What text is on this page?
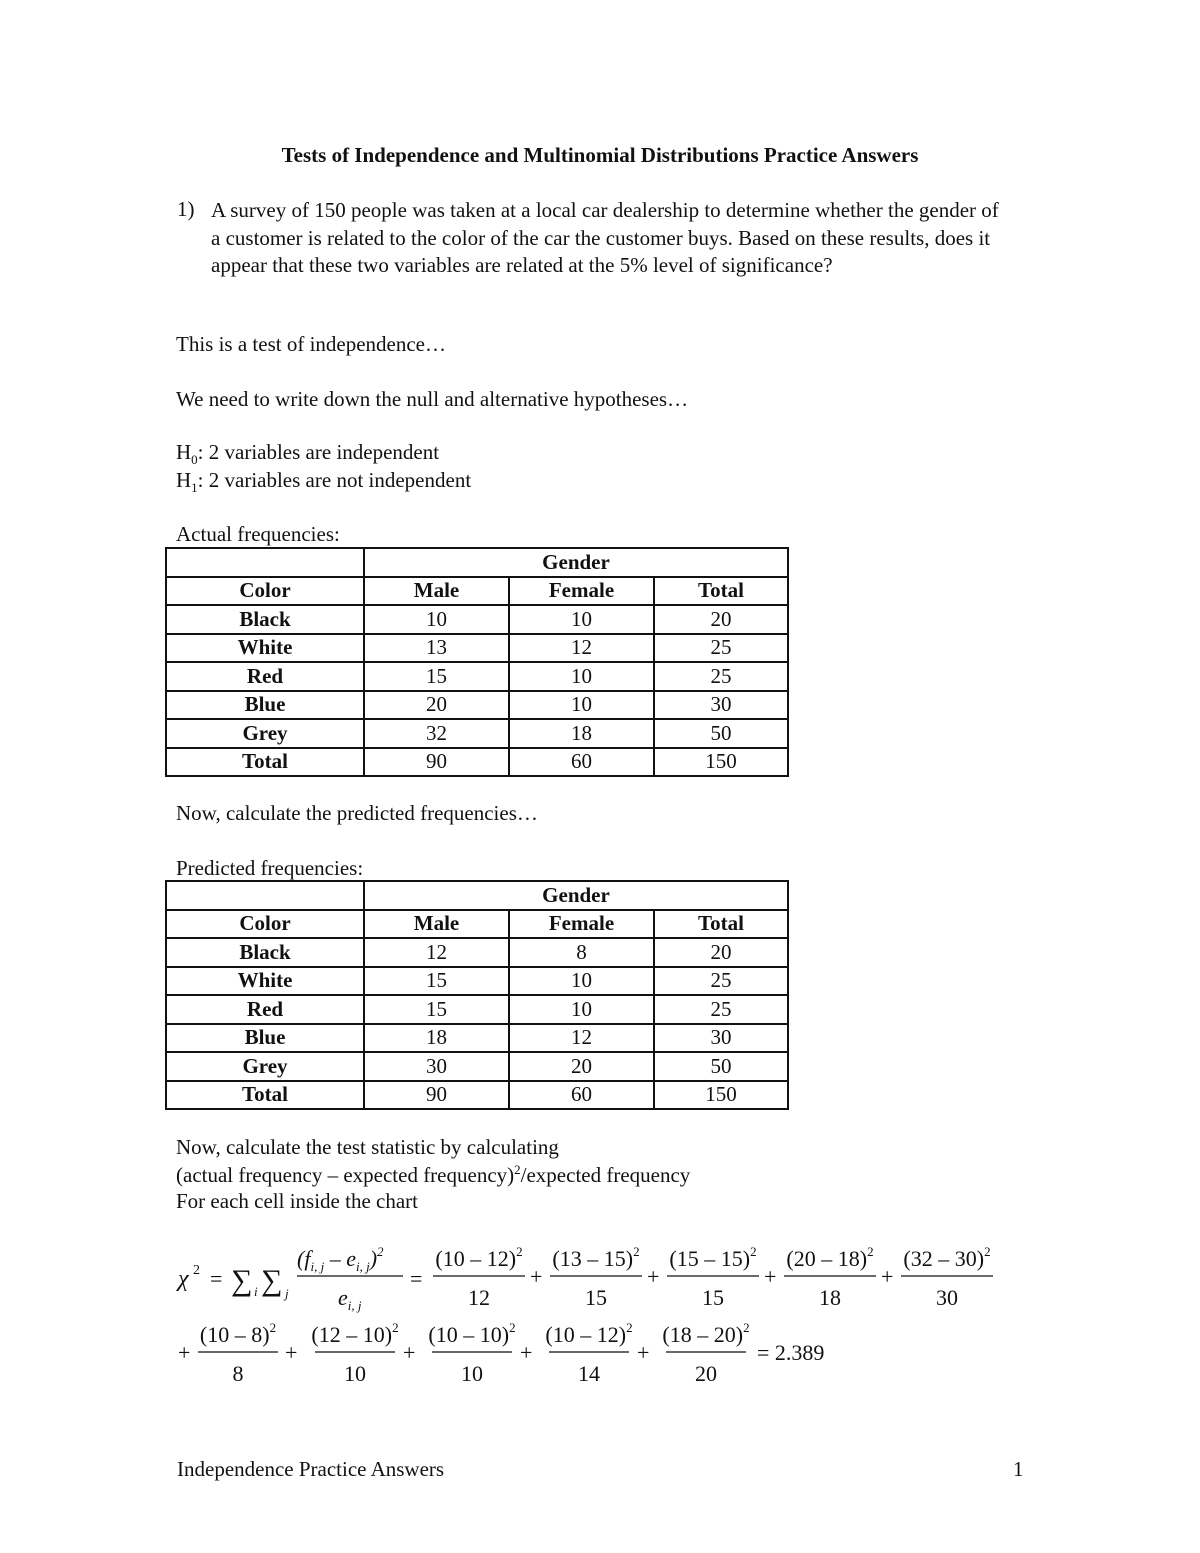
Tests of Independence and Multinomial Distributions Practice Answers
1) A survey of 150 people was taken at a local car dealership to determine whether the gender of a customer is related to the color of the car the customer buys. Based on these results, does it appear that these two variables are related at the 5% level of significance?
This is a test of independence…
We need to write down the null and alternative hypotheses…
$H_0$: 2 variables are independent
$H_1$: 2 variables are not independent
Actual frequencies:
	Gender		
Color	Male	Female	Total
Black	10	10	20
White	13	12	25
Red	15	10	25
Blue	20	10	30
Grey	32	18	50
Total	90	60	150
Now, calculate the predicted frequencies…
Predicted frequencies:
	Gender		
Color	Male	Female	Total
Black	12	8	20
White	15	10	25
Red	15	10	25
Blue	18	12	30
Grey	30	20	50
Total	90	60	150
Now, calculate the test statistic by calculating
(actual frequency – expected frequency)$^2$/expected frequency
For each cell inside the chart
χ 2 = ∑ i ∑ j
$(f_{i, j} - e_{i, j})^2$
$e_{i, j}$
=
(10 – 12)$^2$
12
+
(13 – 15)$^2$
15
+
(15 – 15)$^2$
15
+
(20 – 18)$^2$
18
+
(32 – 30)$^2$
30
+
(10 – 8)$^2$
8
+
(12 – 10)$^2$
10
+
(10 – 10)$^2$
10
+
(10 – 12)$^2$
14
+
(18 – 20)$^2$
20
= 2.389
Independence Practice Answers	1
